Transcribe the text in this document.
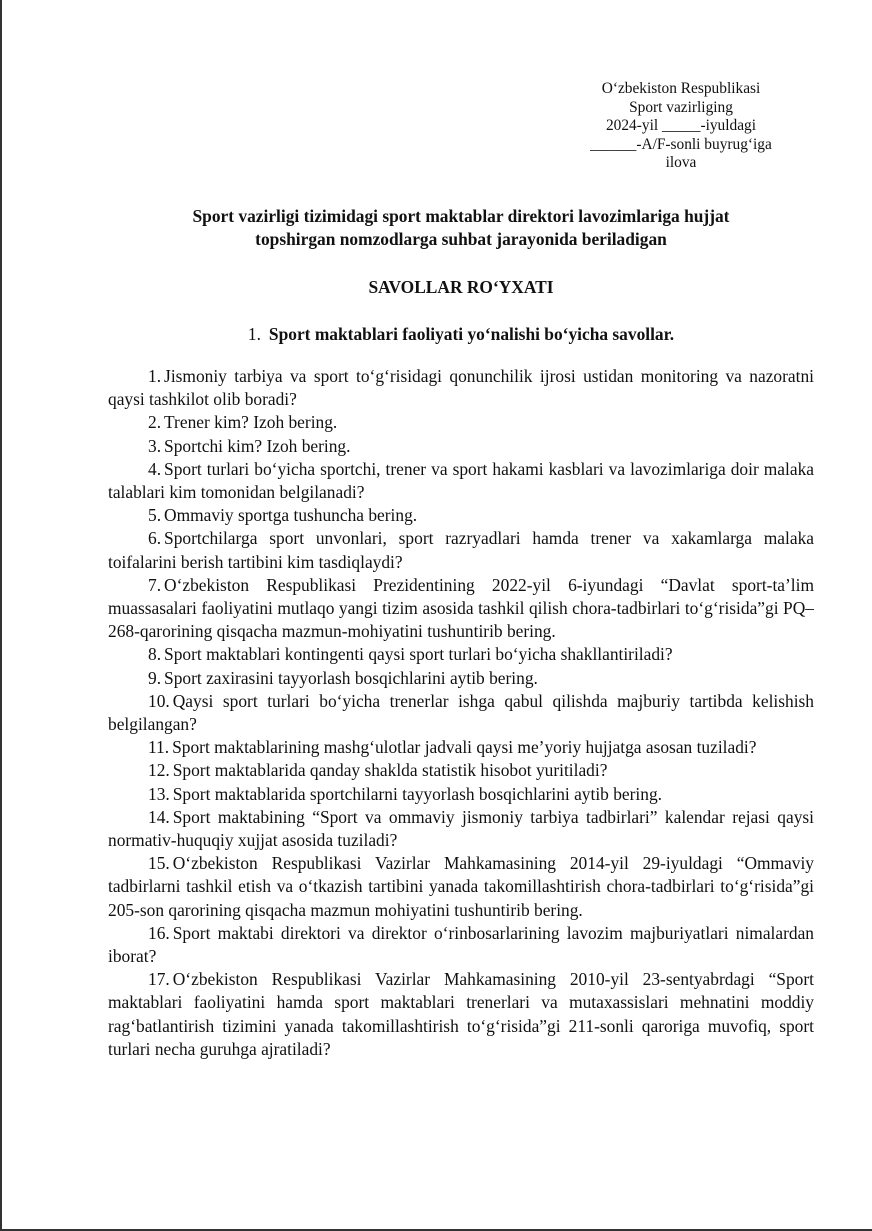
O‘zbekiston Respublikasi
Sport vazirliging
2024-yil _____-iyuldagi
______-A/F-sonli buyrug‘iga
ilova
Sport vazirligi tizimidagi sport maktablar direktori lavozimlariga hujjat
topshirgan nomzodlarga suhbat jarayonida beriladigan
SAVOLLAR RO‘YXATI
1. Sport maktablari faoliyati yo‘nalishi bo‘yicha savollar.

1. Jismoniy tarbiya va sport to‘g‘risidagi qonunchilik ijrosi ustidan monitoring va nazoratni qaysi tashkilot olib boradi?

2. Trener kim? Izoh bering.

3. Sportchi kim? Izoh bering.

4. Sport turlari bo‘yicha sportchi, trener va sport hakami kasblari va lavozimlariga doir malaka talablari kim tomonidan belgilanadi?

5. Ommaviy sportga tushuncha bering.

6. Sportchilarga sport unvonlari, sport razryadlari hamda trener va xakamlarga malaka toifalarini berish tartibini kim tasdiqlaydi?

7. O‘zbekiston Respublikasi Prezidentining 2022-yil 6-iyundagi “Davlat sport-ta’lim muassasalari faoliyatini mutlaqo yangi tizim asosida tashkil qilish chora-tadbirlari to‘g‘risida”gi PQ–268-qarorining qisqacha mazmun-mohiyatini tushuntirib bering.

8. Sport maktablari kontingenti qaysi sport turlari bo‘yicha shakllantiriladi?

9. Sport zaxirasini tayyorlash bosqichlarini aytib bering.

10. Qaysi sport turlari bo‘yicha trenerlar ishga qabul qilishda majburiy tartibda kelishish belgilangan?

11. Sport maktablarining mashg‘ulotlar jadvali qaysi me’yoriy hujjatga asosan tuziladi?

12. Sport maktablarida qanday shaklda statistik hisobot yuritiladi?

13. Sport maktablarida sportchilarni tayyorlash bosqichlarini aytib bering.

14. Sport maktabining “Sport va ommaviy jismoniy tarbiya tadbirlari” kalendar rejasi qaysi normativ-huquqiy xujjat asosida tuziladi?

15. O‘zbekiston Respublikasi Vazirlar Mahkamasining 2014-yil 29-iyuldagi “Ommaviy tadbirlarni tashkil etish va o‘tkazish tartibini yanada takomillashtirish chora-tadbirlari to‘g‘risida”gi 205-son qarorining qisqacha mazmun mohiyatini tushuntirib bering.

16. Sport maktabi direktori va direktor o‘rinbosarlarining lavozim majburiyatlari nimalardan iborat?

17. O‘zbekiston Respublikasi Vazirlar Mahkamasining 2010-yil 23-sentyabrdagi “Sport maktablari faoliyatini hamda sport maktablari trenerlari va mutaxassislari mehnatini moddiy rag‘batlantirish tizimini yanada takomillashtirish to‘g‘risida”gi 211-sonli qaroriga muvofiq, sport turlari necha guruhga ajratiladi?
